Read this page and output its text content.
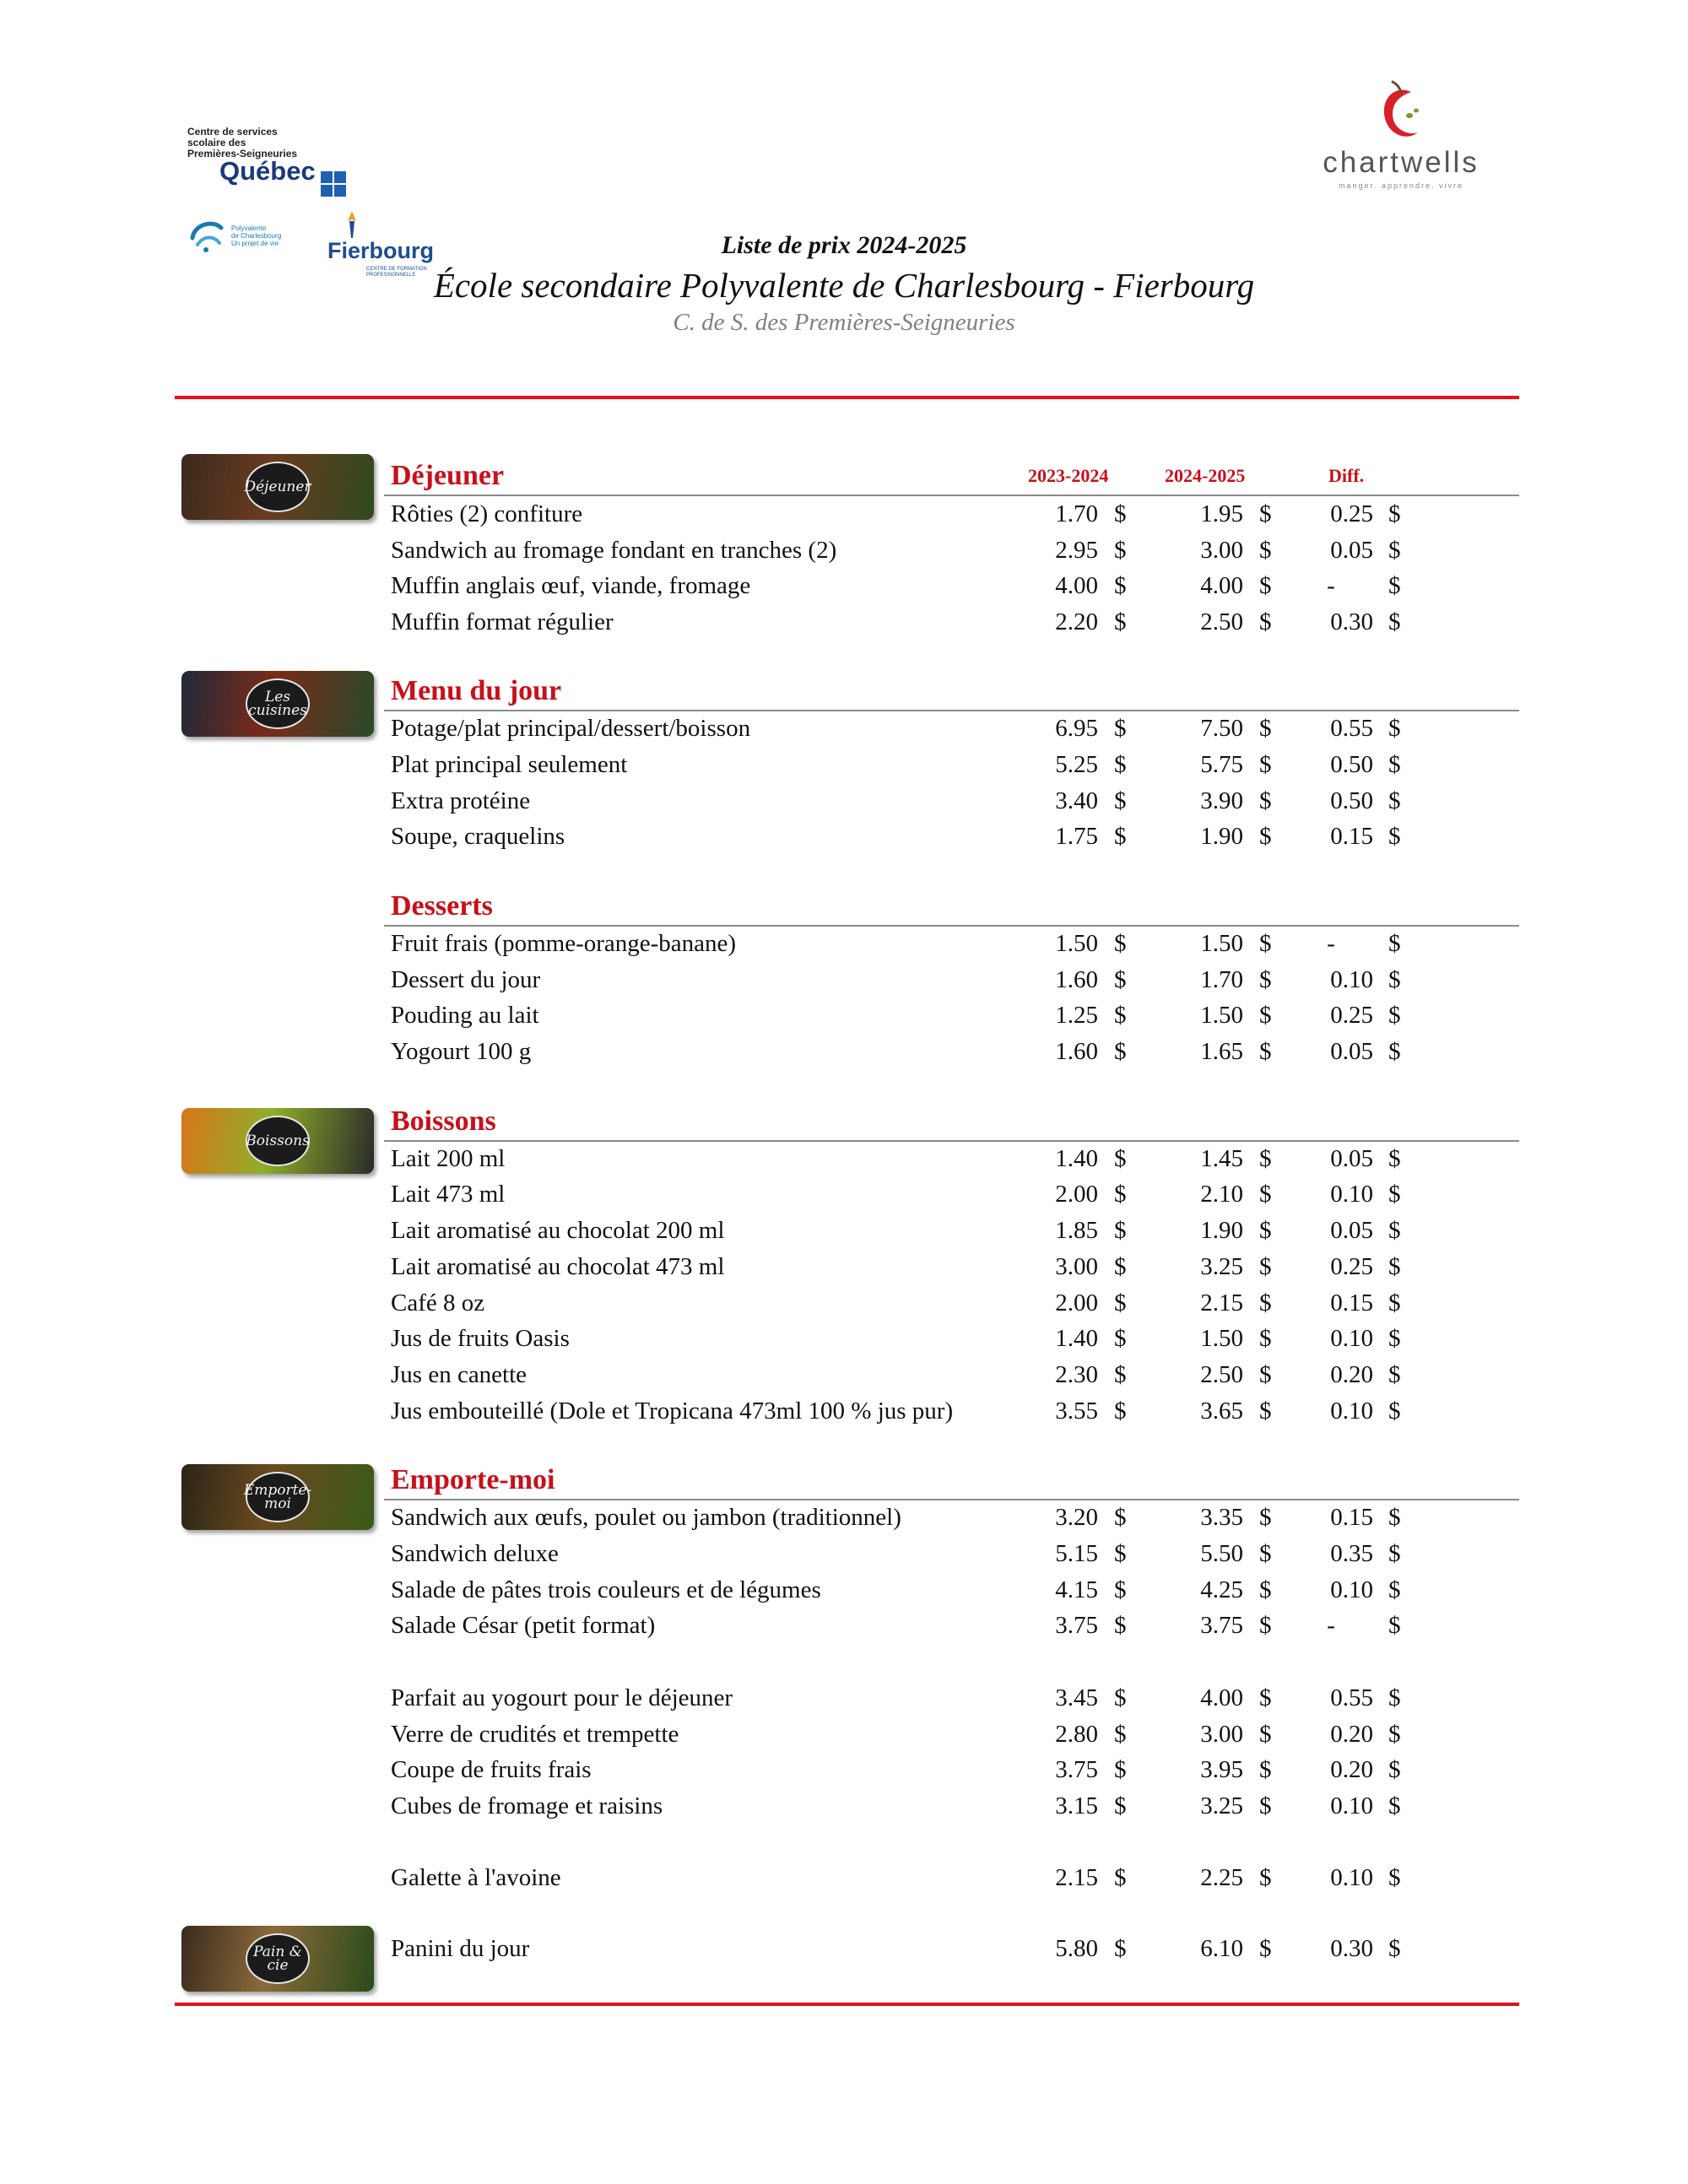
Centre de services
scolaire des
Premières-Seigneuries
Québec
Polyvalente
de Charlesbourg
Un projet de vie Fierbourg
CENTRE DE FORMATION
PROFESSIONNELLE
chartwells
manger. apprendre. vivre
Liste de prix 2024-2025
École secondaire Polyvalente de Charlesbourg - Fierbourg
C. de S. des Premières-Seigneuries
2023-2024	2024-2025	Diff.
Déjeuner	Déjeuner
Rôties (2) confiture	1.70 $	1.95 $	0.25 $
Sandwich au fromage fondant en tranches (2)	2.95 $	3.00 $	0.05 $
Muffin anglais œuf, viande, fromage	4.00 $	4.00 $	-	$
Muffin format régulier	2.20 $	2.50 $	0.30 $
Les cuisines
Menu du jour
Potage/plat principal/dessert/boisson	6.95 $	7.50 $	0.55 $
Plat principal seulement	5.25 $	5.75 $	0.50 $
Extra protéine	3.40 $	3.90 $	0.50 $
Soupe, craquelins	1.75 $	1.90 $	0.15 $
Desserts
Fruit frais (pomme-orange-banane)	1.50 $	1.50 $	-	$
Dessert du jour	1.60 $	1.70 $	0.10 $
Pouding au lait	1.25 $	1.50 $	0.25 $
Yogourt 100 g	1.60 $	1.65 $	0.05 $
Boissons
Boissons
Lait 200 ml	1.40 $	1.45 $	0.05 $
Lait 473 ml	2.00 $	2.10 $	0.10 $
Lait aromatisé au chocolat 200 ml	1.85 $	1.90 $	0.05 $
Lait aromatisé au chocolat 473 ml	3.00 $	3.25 $	0.25 $
Café 8 oz	2.00 $	2.15 $	0.15 $
Jus de fruits Oasis	1.40 $	1.50 $	0.10 $
Jus en canette	2.30 $	2.50 $	0.20 $
Jus embouteillé (Dole et Tropicana 473ml 100 % jus pur)	3.55 $	3.65 $	0.10 $
Emporte-moi
Emporte-moi
Sandwich aux œufs, poulet ou jambon (traditionnel)	3.20 $	3.35 $	0.15 $
Sandwich deluxe	5.15 $	5.50 $	0.35 $
Salade de pâtes trois couleurs et de légumes	4.15 $	4.25 $	0.10 $
Salade César (petit format)	3.75 $	3.75 $	-	$
Parfait au yogourt pour le déjeuner	3.45 $	4.00 $	0.55 $
Verre de crudités et trempette	2.80 $	3.00 $	0.20 $
Coupe de fruits frais	3.75 $	3.95 $	0.20 $
Cubes de fromage et raisins	3.15 $	3.25 $	0.10 $
Galette à l'avoine	2.15 $	2.25 $	0.10 $
Pain & cie
Panini du jour	5.80 $	6.10 $	0.30 $
